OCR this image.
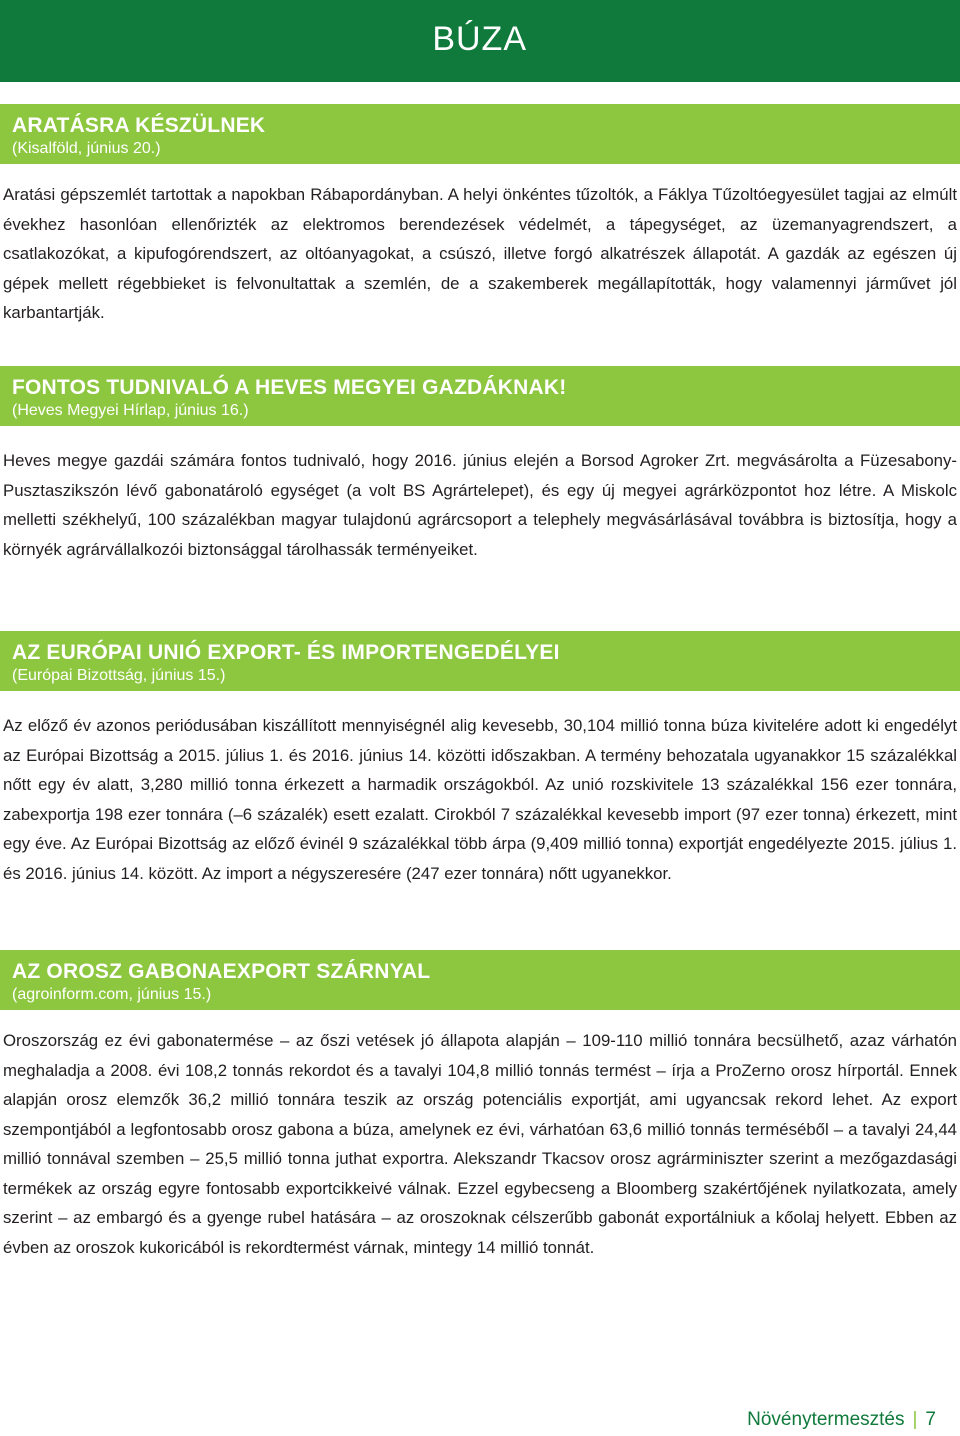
BÚZA
ARATÁSRA KÉSZÜLNEK
(Kisalföld, június 20.)

Aratási gépszemlét tartottak a napokban Rábapordányban. A helyi önkéntes tűzoltók, a Fáklya Tűzoltóegyesület tagjai az elmúlt évekhez hasonlóan ellenőrizték az elektromos berendezések védelmét, a tápegységet, az üzemanyagrendszert, a csatlakozókat, a kipufogórendszert, az oltóanyagokat, a csúszó, illetve forgó alkatrészek állapotát. A gazdák az egészen új gépek mellett régebbieket is felvonultattak a szemlén, de a szakemberek megállapították, hogy valamennyi járművet jól karbantartják.

FONTOS TUDNIVALÓ A HEVES MEGYEI GAZDÁKNAK!
(Heves Megyei Hírlap, június 16.)

Heves megye gazdái számára fontos tudnivaló, hogy 2016. június elején a Borsod Agroker Zrt. megvásárolta a Füzesabony-Pusztaszikszón lévő gabonatároló egységet (a volt BS Agrártelepet), és egy új megyei agrárközpontot hoz létre. A Miskolc melletti székhelyű, 100 százalékban magyar tulajdonú agrárcsoport a telephely megvásárlásával továbbra is biztosítja, hogy a környék agrárvállalkozói biztonsággal tárolhassák terményeiket.

AZ EURÓPAI UNIÓ EXPORT- ÉS IMPORTENGEDÉLYEI
(Európai Bizottság, június 15.)

Az előző év azonos periódusában kiszállított mennyiségnél alig kevesebb, 30,104 millió tonna búza kivitelére adott ki engedélyt az Európai Bizottság a 2015. július 1. és 2016. június 14. közötti időszakban. A termény behozatala ugyanakkor 15 százalékkal nőtt egy év alatt, 3,280 millió tonna érkezett a harmadik országokból. Az unió rozskivitele 13 százalékkal 156 ezer tonnára, zabexportja 198 ezer tonnára (–6 százalék) esett ezalatt. Cirokból 7 százalékkal kevesebb import (97 ezer tonna) érkezett, mint egy éve. Az Európai Bizottság az előző évinél 9 százalékkal több árpa (9,409 millió tonna) exportját engedélyezte 2015. július 1. és 2016. június 14. között. Az import a négyszeresére (247 ezer tonnára) nőtt ugyanekkor.

AZ OROSZ GABONAEXPORT SZÁRNYAL
(agroinform.com, június 15.)

Oroszország ez évi gabonatermése – az őszi vetések jó állapota alapján – 109-110 millió tonnára becsülhető, azaz várhatón meghaladja a 2008. évi 108,2 tonnás rekordot és a tavalyi 104,8 millió tonnás termést – írja a ProZerno orosz hírportál. Ennek alapján orosz elemzők 36,2 millió tonnára teszik az ország potenciális exportját, ami ugyancsak rekord lehet. Az export szempontjából a legfontosabb orosz gabona a búza, amelynek ez évi, várhatóan 63,6 millió tonnás terméséből – a tavalyi 24,44 millió tonnával szemben – 25,5 millió tonna juthat exportra. Alekszandr Tkacsov orosz agrárminiszter szerint a mezőgazdasági termékek az ország egyre fontosabb exportcikkeivé válnak. Ezzel egybecseng a Bloomberg szakértőjének nyilatkozata, amely szerint – az embargó és a gyenge rubel hatására – az oroszoknak célszerűbb gabonát exportálniuk a kőolaj helyett. Ebben az évben az oroszok kukoricából is rekordtermést várnak, mintegy 14 millió tonnát.

Növénytermesztés | 7
